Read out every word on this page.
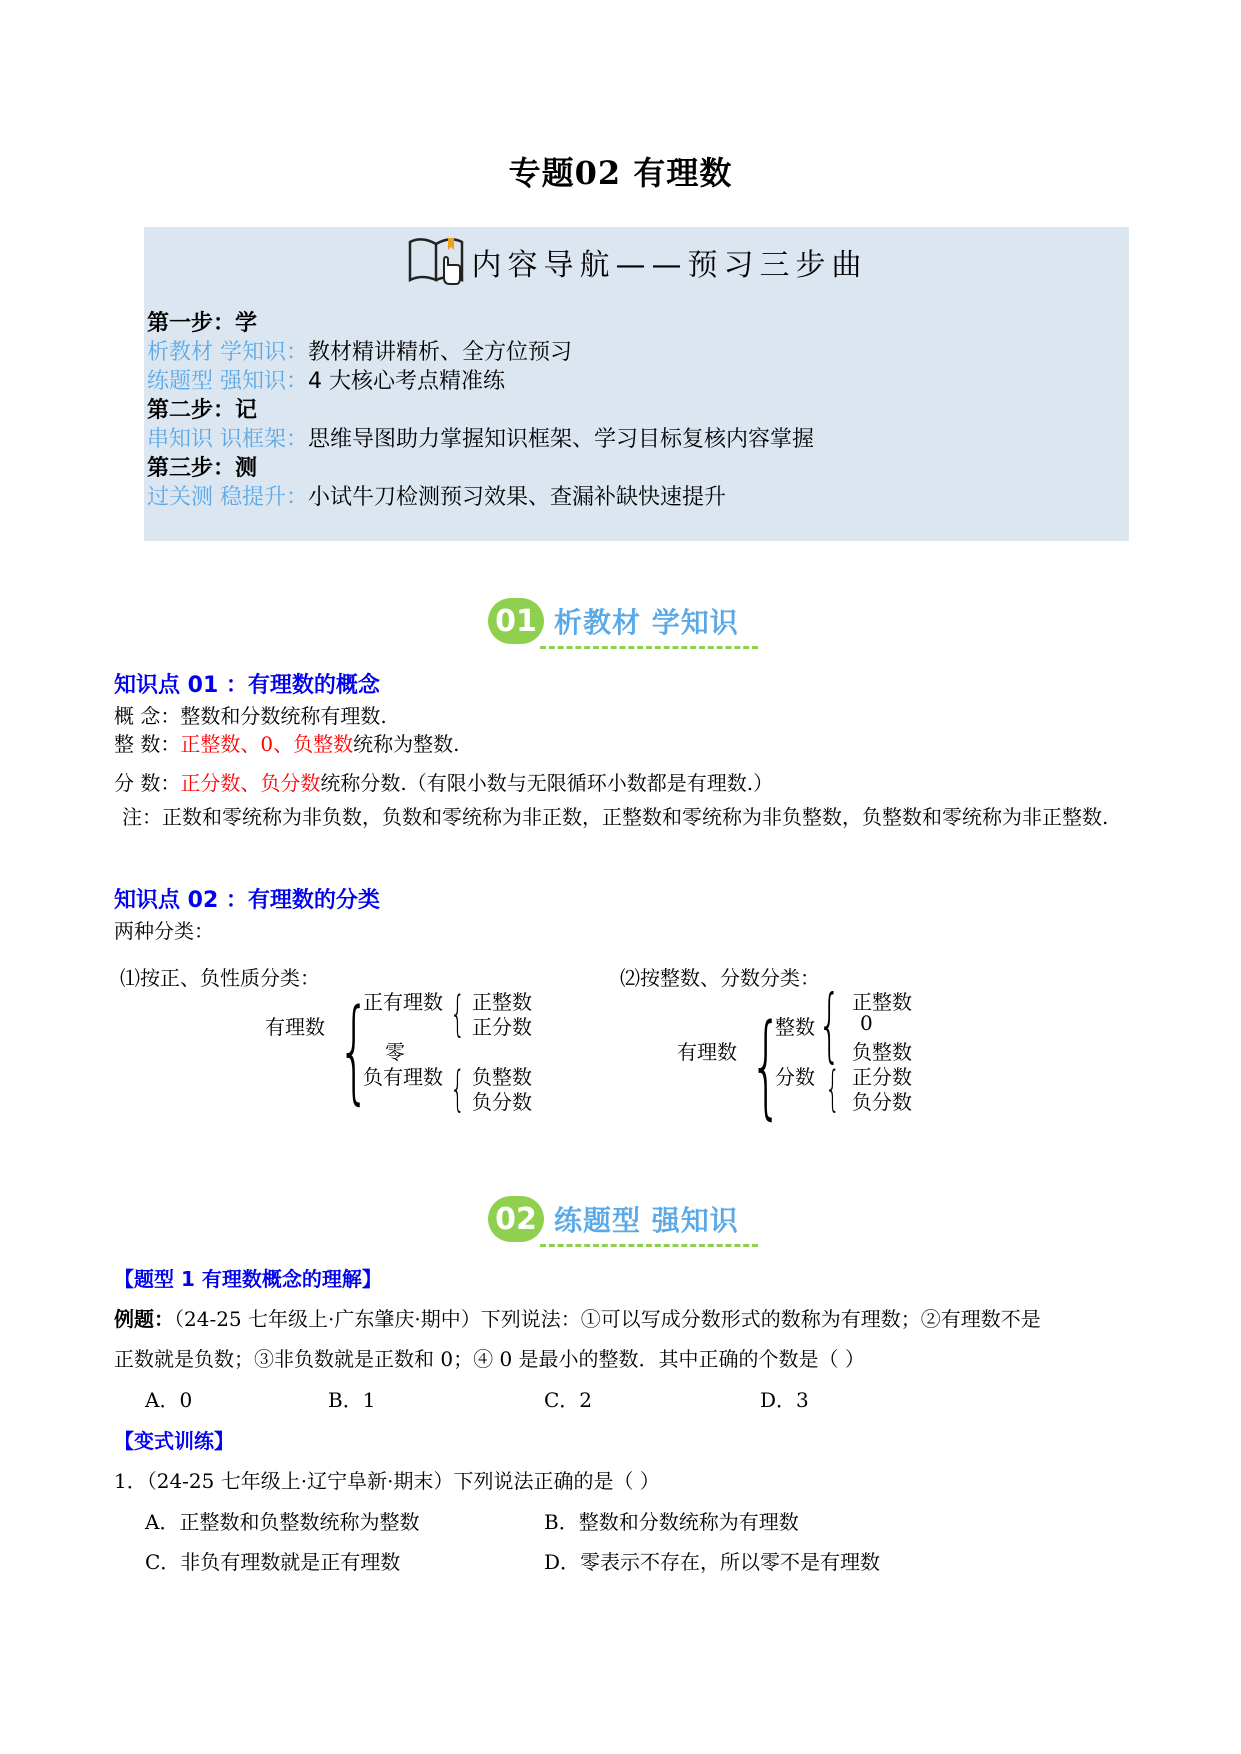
专题02 有理数
内容导航——预习三步曲
第一步：学
析教材 学知识：教材精讲精析、全方位预习
练题型 强知识：4 大核心考点精准练
第二步：记
串知识 识框架：思维导图助力掌握知识框架、学习目标复核内容掌握
第三步：测
过关测 稳提升：小试牛刀检测预习效果、查漏补缺快速提升
01 析教材 学知识
知识点 01 ：有理数的概念
概 念：整数和分数统称有理数.
整 数：正整数、0、负整数统称为整数.
分 数：正分数、负分数统称分数.（有限小数与无限循环小数都是有理数.）
注：正数和零统称为非负数，负数和零统称为非正数，正整数和零统称为非负整数，负整数和零统称为非正整数.
知识点 02 ：有理数的分类
两种分类：
⑴按正、负性质分类：
有理数 {
正有理数 { 正整数
正分数
零
负有理数 { 负整数
负分数
⑵按整数、分数分类：
有理数 {
整数 { 正整数
0
负整数
分数 { 正分数
负分数
02 练题型 强知识
【题型 1 有理数概念的理解】
例题：（24-25 七年级上·广东肇庆·期中）下列说法：①可以写成分数形式的数称为有理数；②有理数不是
正数就是负数；③非负数就是正数和 0；④ 0 是最小的整数．其中正确的个数是（ ）
A．0	B．1	C．2	D．3
【变式训练】
1．（24-25 七年级上·辽宁阜新·期末）下列说法正确的是（ ）
A．正整数和负整数统称为整数	B．整数和分数统称为有理数
C．非负有理数就是正有理数	D．零表示不存在，所以零不是有理数
